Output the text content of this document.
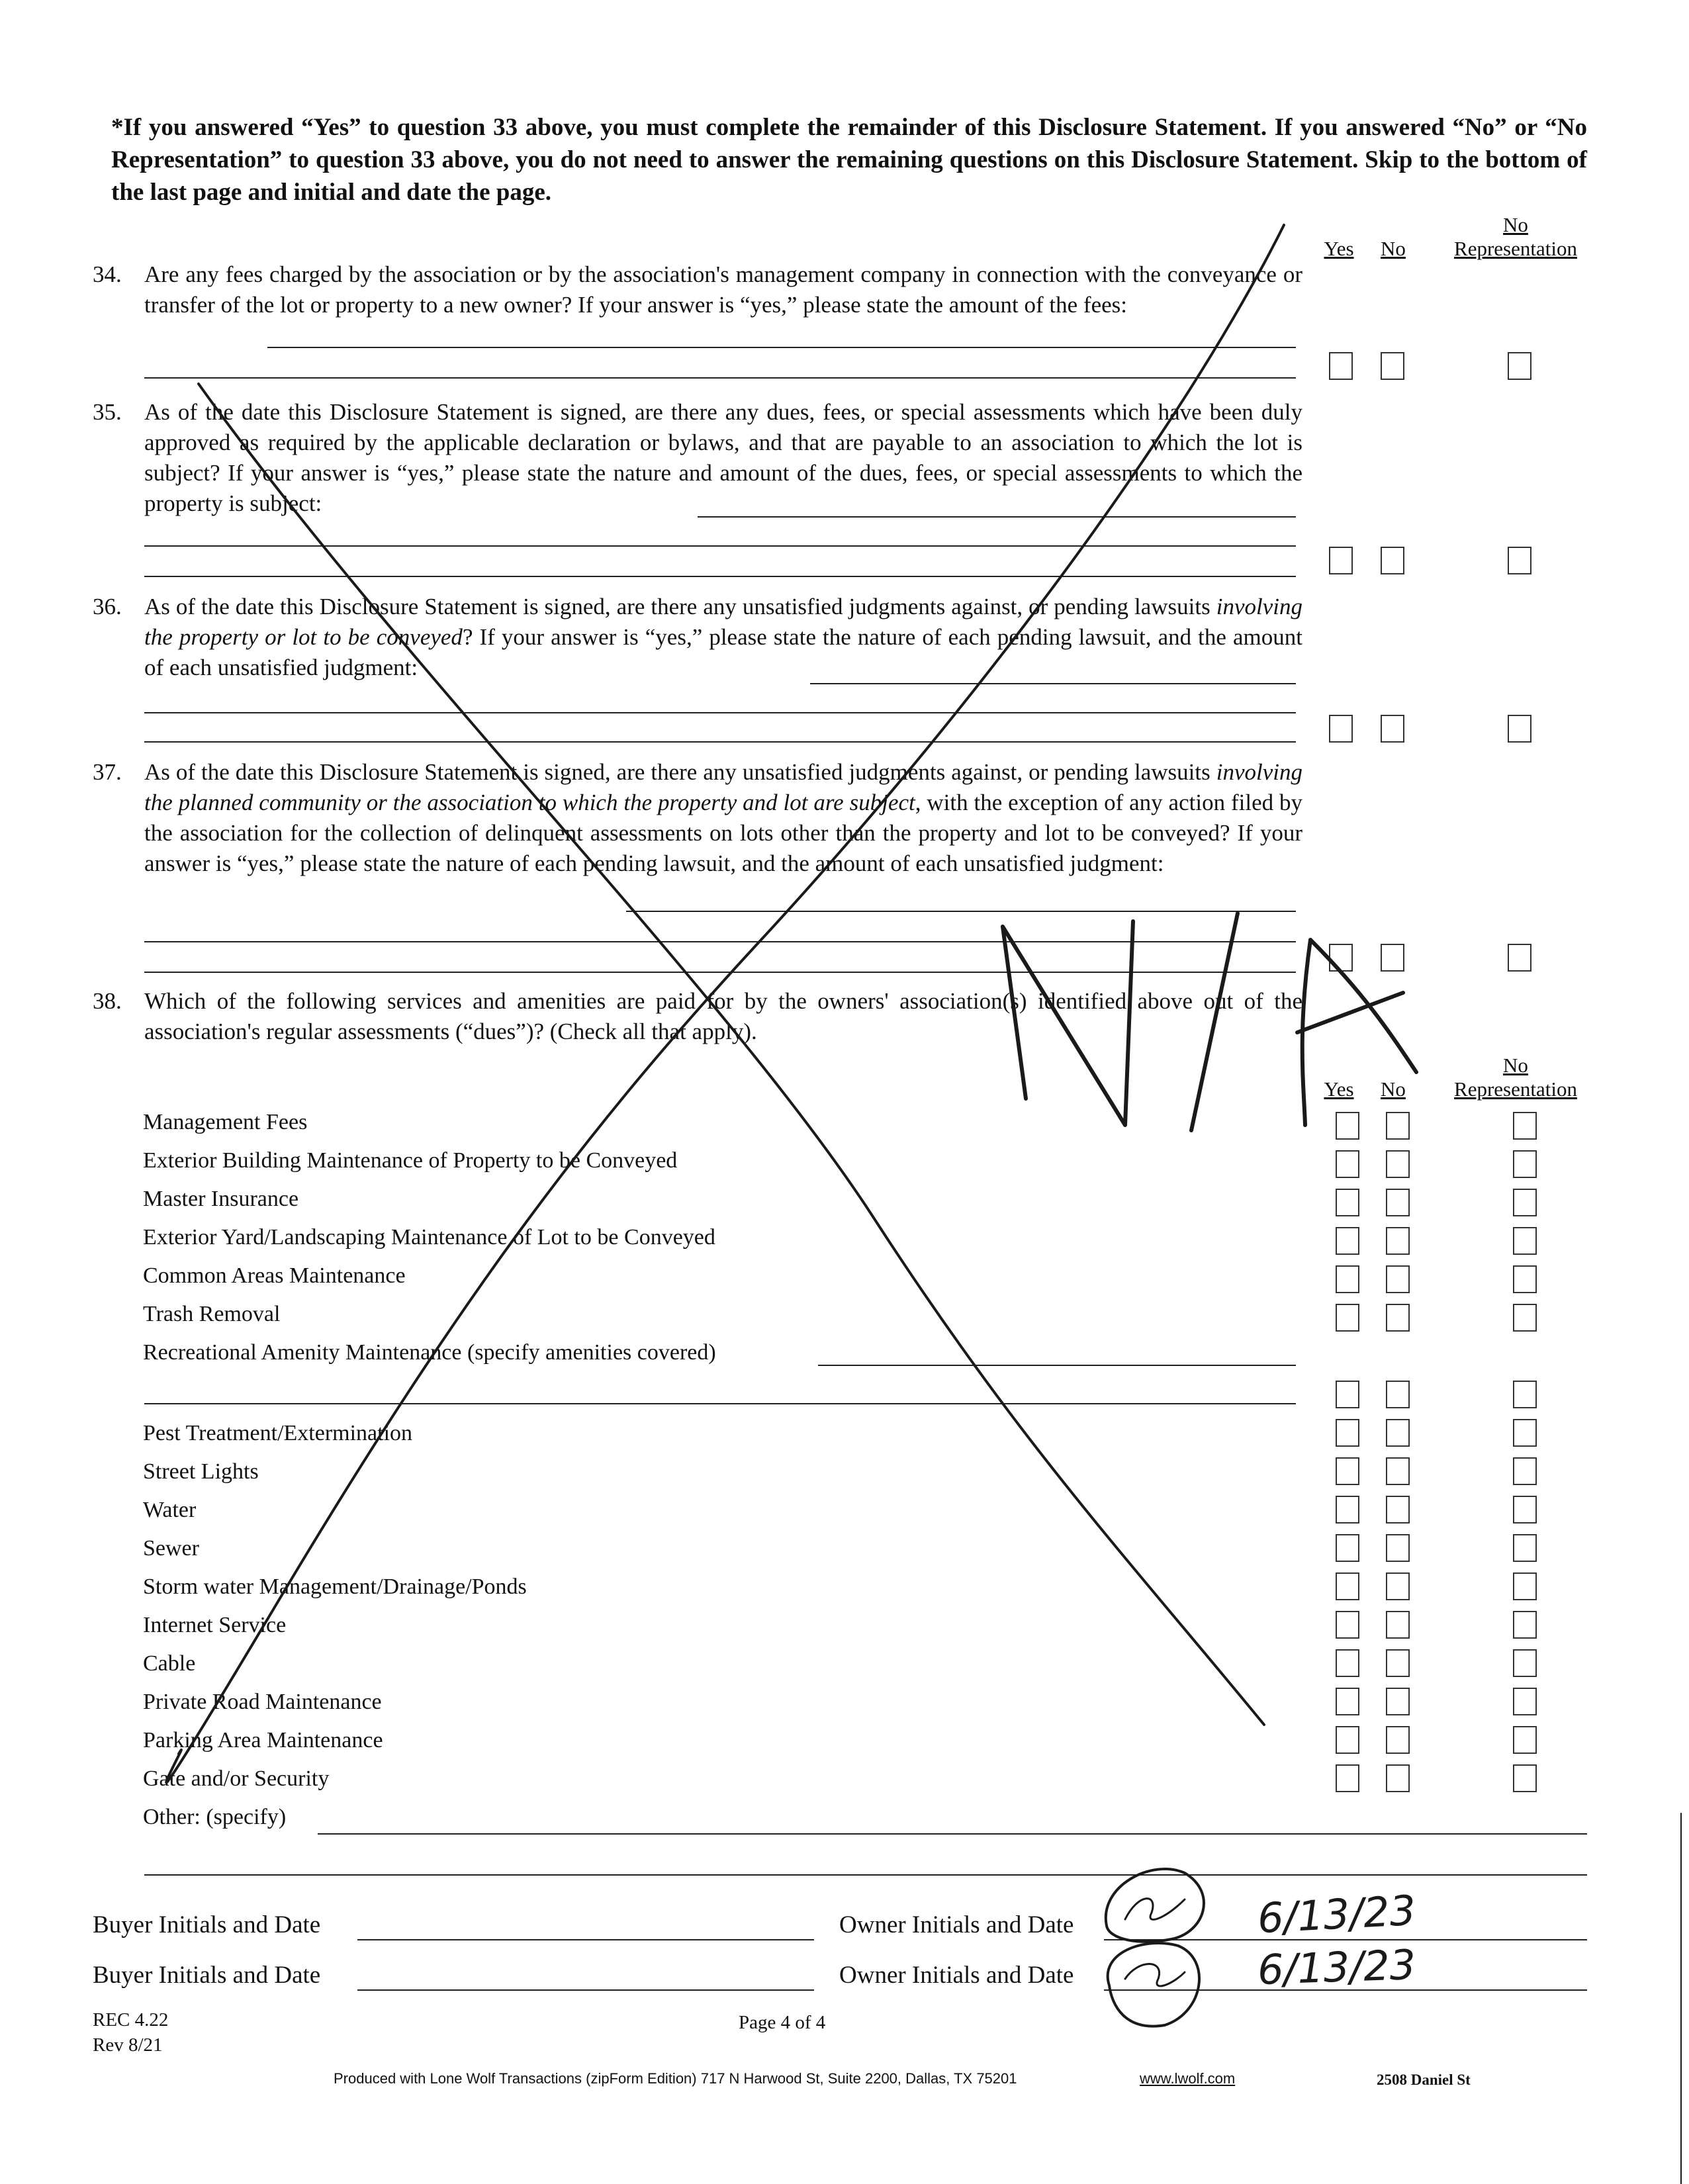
*If you answered “Yes” to question 33 above, you must complete the remainder of this Disclosure Statement. If you answered “No” or “No Representation” to question 33 above, you do not need to answer the remaining questions on this Disclosure Statement. Skip to the bottom of the last page and initial and date the page.
Yes No
No
Representation
34. Are any fees charged by the association or by the association's management company in connection with the conveyance or transfer of the lot or property to a new owner? If your answer is “yes,” please state the amount of the fees:
35. As of the date this Disclosure Statement is signed, are there any dues, fees, or special assessments which have been duly approved as required by the applicable declaration or bylaws, and that are payable to an association to which the lot is subject? If your answer is “yes,” please state the nature and amount of the dues, fees, or special assessments to which the property is subject:
36. As of the date this Disclosure Statement is signed, are there any unsatisfied judgments against, or pending lawsuits involving the property or lot to be conveyed? If your answer is “yes,” please state the nature of each pending lawsuit, and the amount of each unsatisfied judgment:
37. As of the date this Disclosure Statement is signed, are there any unsatisfied judgments against, or pending lawsuits involving the planned community or the association to which the property and lot are subject, with the exception of any action filed by the association for the collection of delinquent assessments on lots other than the property and lot to be conveyed? If your answer is “yes,” please state the nature of each pending lawsuit, and the amount of each unsatisfied judgment:
38. Which of the following services and amenities are paid for by the owners' association(s) identified above out of the association's regular assessments (“dues”)? (Check all that apply).
Yes No
No
Representation
Management Fees
Exterior Building Maintenance of Property to be Conveyed
Master Insurance
Exterior Yard/Landscaping Maintenance of Lot to be Conveyed
Common Areas Maintenance
Trash Removal
Recreational Amenity Maintenance (specify amenities covered)
Pest Treatment/Extermination
Street Lights
Water
Sewer
Storm water Management/Drainage/Ponds
Internet Service
Cable
Private Road Maintenance
Parking Area Maintenance
Gate and/or Security
Other: (specify)
Buyer Initials and Date	Owner Initials and Date
Buyer Initials and Date	Owner Initials and Date
6/13/23
6/13/23
REC 4.22
Rev 8/21
Page 4 of 4
Produced with Lone Wolf Transactions (zipForm Edition) 717 N Harwood St, Suite 2200, Dallas, TX 75201	www.lwolf.com	2508 Daniel St
